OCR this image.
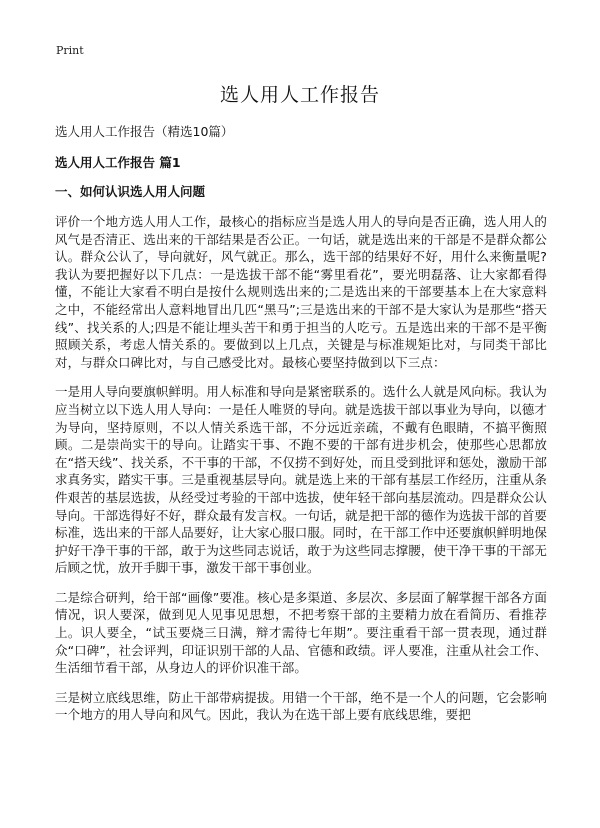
Print
选人用人工作报告

选人用人工作报告（精选10篇）

选人用人工作报告 篇1

一、如何认识选人用人问题

评价一个地方选人用人工作，最核心的指标应当是选人用人的导向是否正确，选人用人的风气是否清正、选出来的干部结果是否公正。一句话，就是选出来的干部是不是群众都公认。群众公认了，导向就好，风气就正。那么，选干部的结果好不好，用什么来衡量呢?我认为要把握好以下几点：一是选拔干部不能“雾里看花”，要光明磊落、让大家都看得懂，不能让大家看不明白是按什么规则选出来的;二是选出来的干部要基本上在大家意料之中，不能经常出人意料地冒出几匹“黑马”;三是选出来的干部不是大家认为是那些“搭天线”、找关系的人;四是不能让埋头苦干和勇于担当的人吃亏。五是选出来的干部不是平衡照顾关系，考虑人情关系的。要做到以上几点，关键是与标准规矩比对，与同类干部比对，与群众口碑比对，与自己感受比对。最核心要坚持做到以下三点：

一是用人导向要旗帜鲜明。用人标准和导向是紧密联系的。选什么人就是风向标。我认为应当树立以下选人用人导向：一是任人唯贤的导向。就是选拔干部以事业为导向，以德才为导向，坚持原则，不以人情关系选干部，不分远近亲疏，不戴有色眼睛，不搞平衡照顾。二是崇尚实干的导向。让踏实干事、不跑不要的干部有进步机会，使那些心思都放在“搭天线”、找关系，不干事的干部，不仅捞不到好处，而且受到批评和惩处，激励干部求真务实，踏实干事。三是重视基层导向。就是选上来的干部有基层工作经历，注重从条件艰苦的基层选拔，从经受过考验的干部中选拔，使年轻干部向基层流动。四是群众公认导向。干部选得好不好，群众最有发言权。一句话，就是把干部的德作为选拔干部的首要标准，选出来的干部人品要好，让大家心服口服。同时，在干部工作中还要旗帜鲜明地保护好干净干事的干部，敢于为这些同志说话，敢于为这些同志撑腰，使干净干事的干部无后顾之忧，放开手脚干事，激发干部干事创业。

二是综合研判，给干部“画像”要准。核心是多渠道、多层次、多层面了解掌握干部各方面情况，识人要深，做到见人见事见思想，不把考察干部的主要精力放在看简历、看推荐上。识人要全，“试玉要烧三日满，辩才需待七年期”。要注重看干部一贯表现，通过群众“口碑”，社会评判，印证识别干部的人品、官德和政绩。评人要准，注重从社会工作、生活细节看干部，从身边人的评价识准干部。

三是树立底线思维，防止干部带病提拔。用错一个干部，绝不是一个人的问题，它会影响一个地方的用人导向和风气。因此，我认为在选干部上要有底线思维，要把
